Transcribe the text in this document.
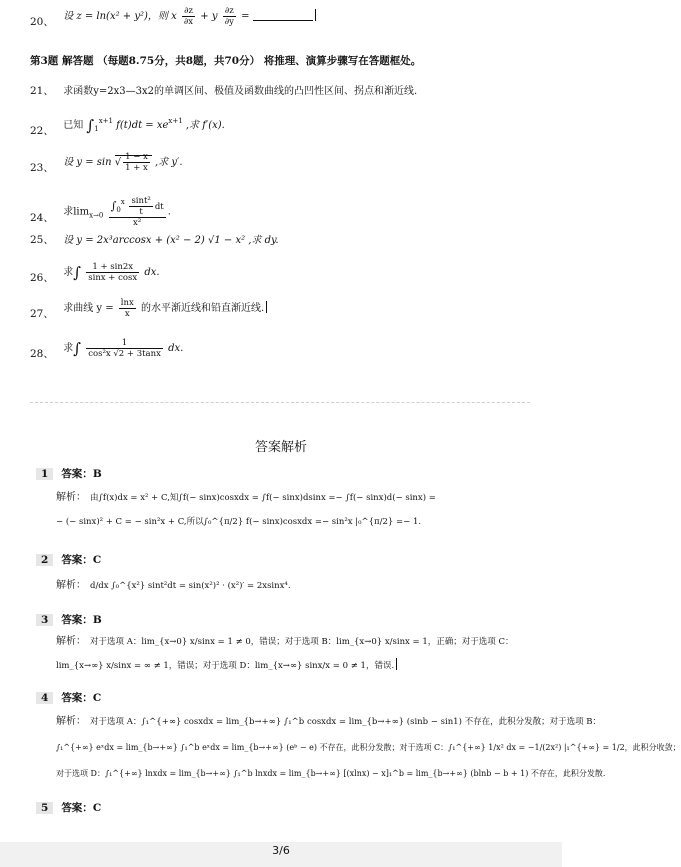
20、 设 z = ln(x² + y²)，则 x $\frac{\partial z}{\partial x} + y \frac{\partial z}{\partial y}$ =
第3题 解答题 （每题8.75分，共8题，共70分） 将推理、演算步骤写在答题框处。
21、 求函数y=2x3—3x2的单调区间、极值及函数曲线的凸凹性区间、拐点和渐近线.
22、 已知 $\int_1^{x+1}$ $f(t)dt = xe^{x+1}$ ,求 f′(x).
23、 设 y = sin √ $\frac{1 - x}{1 + x}$ ,求 y′.
24、 求$\lim_{x\to 0} \frac{\int_0^x \frac{\text{sint²}}{t} dt}{\text{x²}}$ .
25、 设 y = 2x³arccosx + (x² − 2) √1 − x² ,求 dy.
26、 求∫ $\frac{1 + \sin 2x}{\sin x + \cos x}$ dx.
27、 求曲线 $y = \frac{\ln x}{x}$ 的水平渐近线和铅直渐近线.
28、 求∫ $\frac{1}{\text{cos²x √2 + 3tanx}}$ dx.
答案解析
1 答案：B
解析： 由∫f(x)dx = x² + C,知∫f(− sinx)cosxdx = ∫f(− sinx)dsinx =− ∫f(− sinx)d(− sinx) =
− (− sinx)² + C = − sin²x + C,所以∫₀^{π/2} f(− sinx)cosxdx =− sin²x |₀^{π/2} =− 1.
2 答案：C
解析： d/dx ∫₀^{x²} sint²dt = sin(x²)² · (x²)′ = 2xsinx⁴.
3 答案：B
解析： 对于选项 A：lim_{x→0} x/sinx = 1 ≠ 0，错误；对于选项 B：lim_{x→0} x/sinx = 1，正确；对于选项 C：
lim_{x→∞} x/sinx = ∞ ≠ 1，错误；对于选项 D：lim_{x→∞} sinx/x = 0 ≠ 1，错误.
4 答案：C
解析： 对于选项 A：∫₁^{+∞} cosxdx = lim_{b→+∞} ∫₁^b cosxdx = lim_{b→+∞} (sinb − sin1) 不存在，此积分发散；对于选项 B：
∫₁^{+∞} eˣdx = lim_{b→+∞} ∫₁^b eˣdx = lim_{b→+∞} (eᵇ − e) 不存在，此积分发散；对于选项 C：∫₁^{+∞} 1/x² dx = −1/(2x²) |₁^{+∞} = 1/2，此积分收敛；
对于选项 D：∫₁^{+∞} lnxdx = lim_{b→+∞} ∫₁^b lnxdx = lim_{b→+∞} [(xlnx) − x]₁^b = lim_{b→+∞} (blnb − b + 1) 不存在，此积分发散.
5 答案：C
3/6
